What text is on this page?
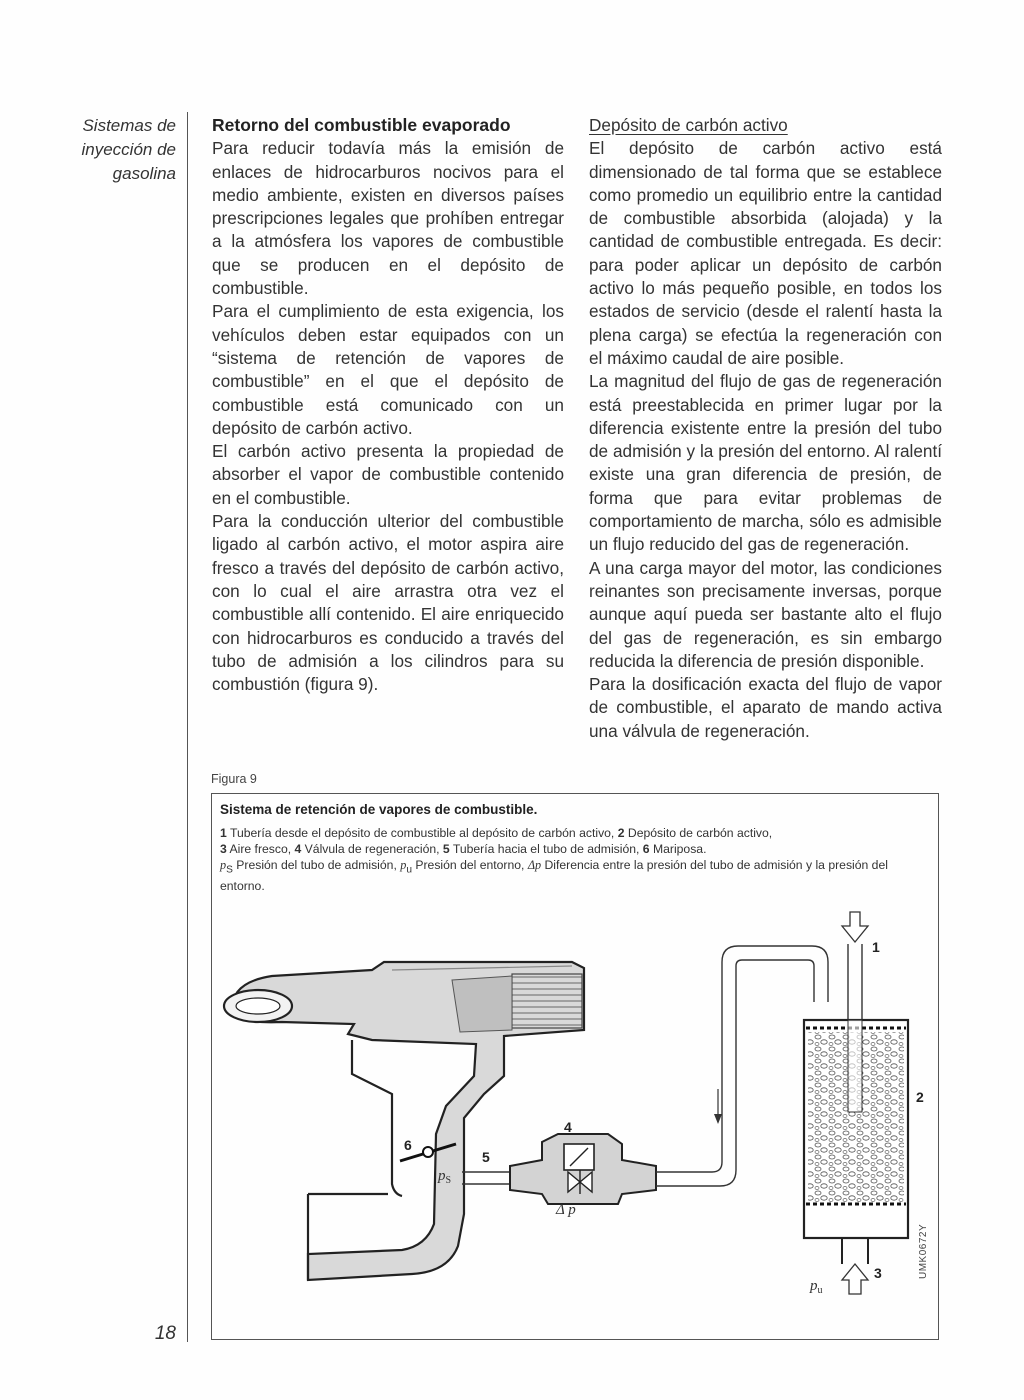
Sistemas de
inyección de
gasolina
18

Retorno del combustible evaporado

Para reducir todavía más la emisión de enlaces de hidrocarburos nocivos para el medio ambiente, existen en diversos países prescripciones legales que prohíben entregar a la atmósfera los vapores de combustible que se producen en el depósito de combustible.

Para el cumplimiento de esta exigencia, los vehículos deben estar equipados con un “sistema de retención de vapores de combustible” en el que el depósito de combustible está comunicado con un depósito de carbón activo.

El carbón activo presenta la propiedad de absorber el vapor de combustible contenido en el combustible.

Para la conducción ulterior del combustible ligado al carbón activo, el motor aspira aire fresco a través del depósito de carbón activo, con lo cual el aire arrastra otra vez el combustible allí contenido. El aire enriquecido con hidrocarburos es conducido a través del tubo de admisión a los cilindros para su combustión (figura 9).

Depósito de carbón activo

El depósito de carbón activo está dimensionado de tal forma que se establece como promedio un equilibrio entre la cantidad de combustible absorbida (alojada) y la cantidad de combustible entregada. Es decir: para poder aplicar un depósito de carbón activo lo más pequeño posible, en todos los estados de servicio (desde el ralentí hasta la plena carga) se efectúa la regeneración con el máximo caudal de aire posible.

La magnitud del flujo de gas de regeneración está preestablecida en primer lugar por la diferencia existente entre la presión del tubo de admisión y la presión del entorno. Al ralentí existe una gran diferencia de presión, de forma que para evitar problemas de comportamiento de marcha, sólo es admisible un flujo reducido del gas de regeneración.

A una carga mayor del motor, las condiciones reinantes son precisamente inversas, porque aunque aquí pueda ser bastante alto el flujo del gas de regeneración, es sin embargo reducida la diferencia de presión disponible.

Para la dosificación exacta del flujo de vapor de combustible, el aparato de mando activa una válvula de regeneración.

Figura 9
Sistema de retención de vapores de combustible.
1 Tubería desde el depósito de combustible al depósito de carbón activo, 2 Depósito de carbón activo,
3 Aire fresco, 4 Válvula de regeneración, 5 Tubería hacia el tubo de admisión, 6 Mariposa.
$p_S$ Presión del tubo de admisión, $p_u$ Presión del entorno, Δp Diferencia entre la presión del tubo de admisión y la presión del entorno.
1
2
3
4
5
6
$p_S$
$p_u$
Δ p
UMK0672Y
